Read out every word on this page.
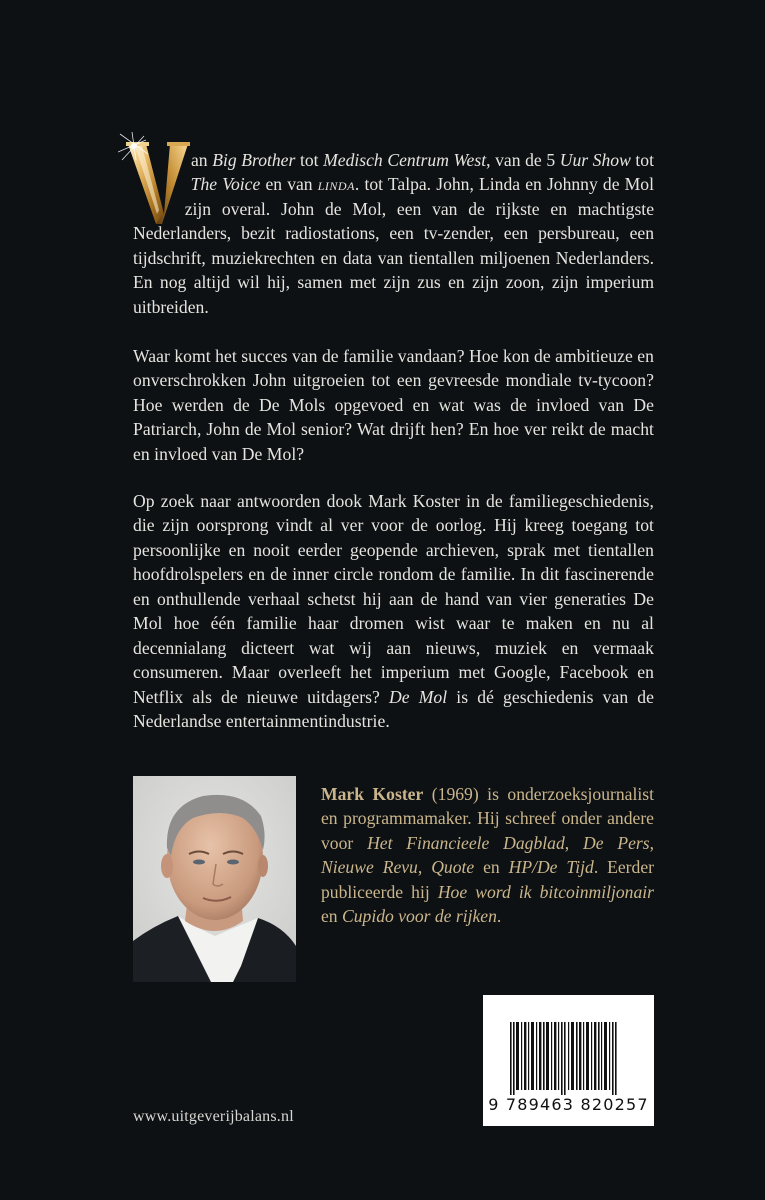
an Big Brother tot Medisch Centrum West, van de 5 Uur Show tot The Voice en van linda. tot Talpa. John, Linda en Johnny de Mol zijn overal. John de Mol, een van de rijkste en machtigste Nederlanders, bezit radiostations, een tv-zender, een persbureau, een tijdschrift, muziekrechten en data van tientallen miljoenen Nederlanders. En nog altijd wil hij, samen met zijn zus en zijn zoon, zijn imperium uitbreiden.

Waar komt het succes van de familie vandaan? Hoe kon de ambitieuze en onverschrokken John uitgroeien tot een gevreesde mondiale tv-tycoon? Hoe werden de De Mols opgevoed en wat was de invloed van De Patriarch, John de Mol senior? Wat drijft hen? En hoe ver reikt de macht en invloed van De Mol?

Op zoek naar antwoorden dook Mark Koster in de familiegeschiedenis, die zijn oorsprong vindt al ver voor de oorlog. Hij kreeg toegang tot persoonlijke en nooit eerder geopende archieven, sprak met tientallen hoofdrolspelers en de inner circle rondom de familie. In dit fascinerende en onthullende verhaal schetst hij aan de hand van vier generaties De Mol hoe één familie haar dromen wist waar te maken en nu al decennialang dicteert wat wij aan nieuws, muziek en vermaak consumeren. Maar overleeft het imperium met Google, Facebook en Netflix als de nieuwe uitdagers? De Mol is dé geschiedenis van de Nederlandse entertainmentindustrie.

Mark Koster (1969) is onderzoeksjournalist en programmamaker. Hij schreef onder andere voor Het Financieele Dagblad, De Pers, Nieuwe Revu, Quote en HP/De Tijd. Eerder publiceerde hij Hoe word ik bitcoinmiljonair en Cupido voor de rijken.
9 789463 820257
www.uitgeverijbalans.nl
